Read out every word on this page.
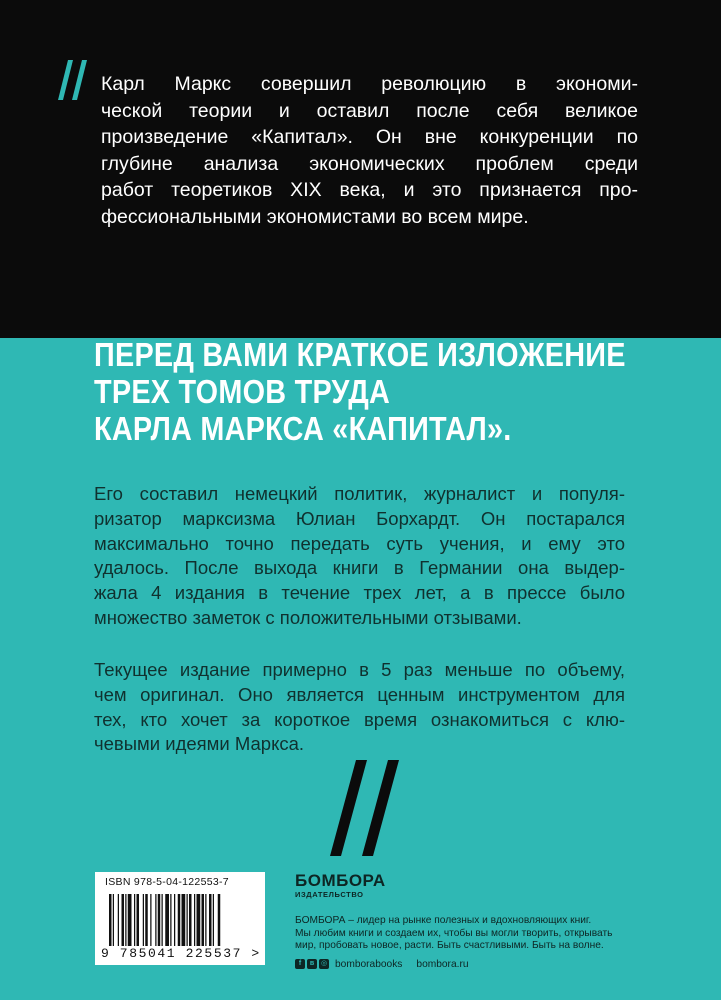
Карл Маркс совершил революцию в экономи-
ческой теории и оставил после себя великое
произведение «Капитал». Он вне конкуренции по
глубине анализа экономических проблем среди
работ теоретиков XIX века, и это признается про-
фессиональными экономистами во всем мире.
ПЕРЕД ВАМИ КРАТКОЕ ИЗЛОЖЕНИЕ
ТРЕХ ТОМОВ ТРУДА
КАРЛА МАРКСА «КАПИТАЛ».
Его составил немецкий политик, журналист и популя-
ризатор марксизма Юлиан Борхардт. Он постарался
максимально точно передать суть учения, и ему это
удалось. После выхода книги в Германии она выдер-
жала 4 издания в течение трех лет, а в прессе было
множество заметок с положительными отзывами.
Текущее издание примерно в 5 раз меньше по объему,
чем оригинал. Оно является ценным инструментом для
тех, кто хочет за короткое время ознакомиться с клю-
чевыми идеями Маркса.
ISBN 978-5-04-122553-7
9 785041 225537 >
БОМБОРА
ИЗДАТЕЛЬСТВО
БОМБОРА – лидер на рынке полезных и вдохновляющих книг.
Мы любим книги и создаем их, чтобы вы могли творить, открывать
мир, пробовать новое, расти. Быть счастливыми. Быть на волне.
f	в ◎ bomborabooks bombora.ru
